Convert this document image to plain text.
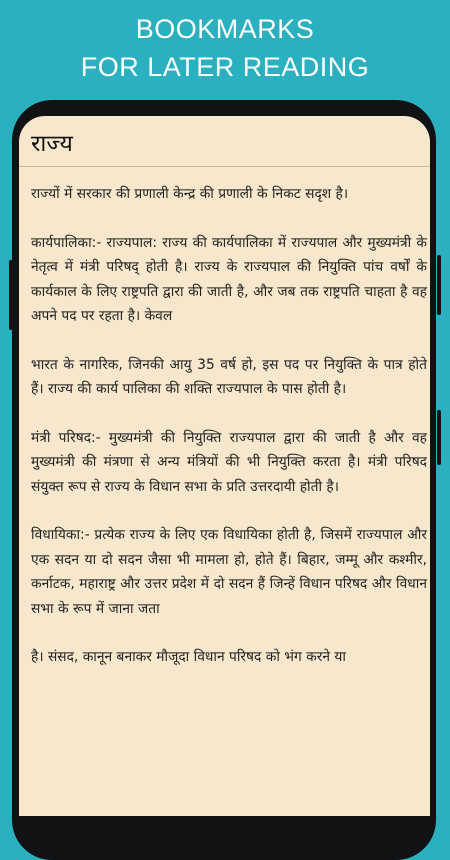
BOOKMARKS
FOR LATER READING
राज्य

राज्यों में सरकार की प्रणाली केन्द्र की प्रणाली के निकट सदृश है।

कार्यपालिका:- राज्यपाल: राज्य की कार्यपालिका में राज्यपाल और मुख्यमंत्री के नेतृत्व में मंत्री परिषद् होती है। राज्य के राज्यपाल की नियुक्ति पांच वर्षों के कार्यकाल के लिए राष्ट्रपति द्वारा की जाती है, और जब तक राष्ट्रपति चाहता है वह अपने पद पर रहता है। केवल

भारत के नागरिक, जिनकी आयु 35 वर्ष हो, इस पद पर नियुक्ति के पात्र होते हैं। राज्य की कार्य पालिका की शक्ति राज्यपाल के पास होती है।

मंत्री परिषद:- मुख्यमंत्री की नियुक्ति राज्यपाल द्वारा की जाती है और वह मुख्यमंत्री की मंत्रणा से अन्य मंत्रियों की भी नियुक्ति करता है। मंत्री परिषद संयुक्त रूप से राज्य के विधान सभा के प्रति उत्तरदायी होती है।

विधायिका:- प्रत्येक राज्य के लिए एक विधायिका होती है, जिसमें राज्यपाल और एक सदन या दो सदन जैसा भी मामला हो, होते हैं। बिहार, जम्मू और कश्मीर, कर्नाटक, महाराष्ट्र और उत्तर प्रदेश में दो सदन हैं जिन्हें विधान परिषद और विधान सभा के रूप में जाना जता

है। संसद, कानून बनाकर मौजूदा विधान परिषद को भंग करने या
